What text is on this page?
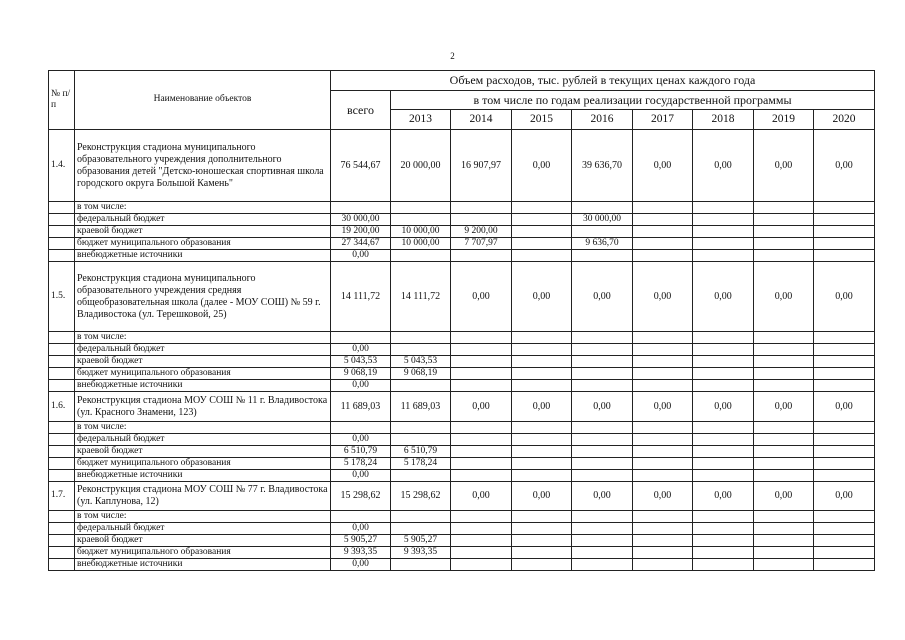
2
№ п/п	Наименование объектов	Объем расходов, тыс. рублей в текущих ценах каждого года								
		всего	в том числе по годам реализации государственной программы							
			2013	2014	2015	2016	2017	2018	2019	2020
1.4.	Реконструкция стадиона муниципального образовательного учреждения дополнительного образования детей "Детско-юношеская спортивная школа городского округа Большой Камень"	76 544,67	20 000,00	16 907,97	0,00	39 636,70	0,00	0,00	0,00	0,00
	в том числе:									
	федеральный бюджет	30 000,00				30 000,00				
	краевой бюджет	19 200,00	10 000,00	9 200,00						
	бюджет муниципального образования	27 344,67	10 000,00	7 707,97		9 636,70				
	внебюджетные источники	0,00								
1.5.	Реконструкция стадиона муниципального образовательного учреждения средняя общеобразовательная школа (далее - МОУ СОШ) № 59 г. Владивостока (ул. Терешковой, 25)	14 111,72	14 111,72	0,00	0,00	0,00	0,00	0,00	0,00	0,00
	в том числе:									
	федеральный бюджет	0,00								
	краевой бюджет	5 043,53	5 043,53							
	бюджет муниципального образования	9 068,19	9 068,19							
	внебюджетные источники	0,00								
1.6.	Реконструкция стадиона МОУ СОШ № 11 г. Владивостока (ул. Красного Знамени, 123)	11 689,03	11 689,03	0,00	0,00	0,00	0,00	0,00	0,00	0,00
	в том числе:									
	федеральный бюджет	0,00								
	краевой бюджет	6 510,79	6 510,79							
	бюджет муниципального образования	5 178,24	5 178,24							
	внебюджетные источники	0,00								
1.7.	Реконструкция стадиона МОУ СОШ № 77 г. Владивостока (ул. Каплунова, 12)	15 298,62	15 298,62	0,00	0,00	0,00	0,00	0,00	0,00	0,00
	в том числе:									
	федеральный бюджет	0,00								
	краевой бюджет	5 905,27	5 905,27							
	бюджет муниципального образования	9 393,35	9 393,35							
	внебюджетные источники	0,00								
